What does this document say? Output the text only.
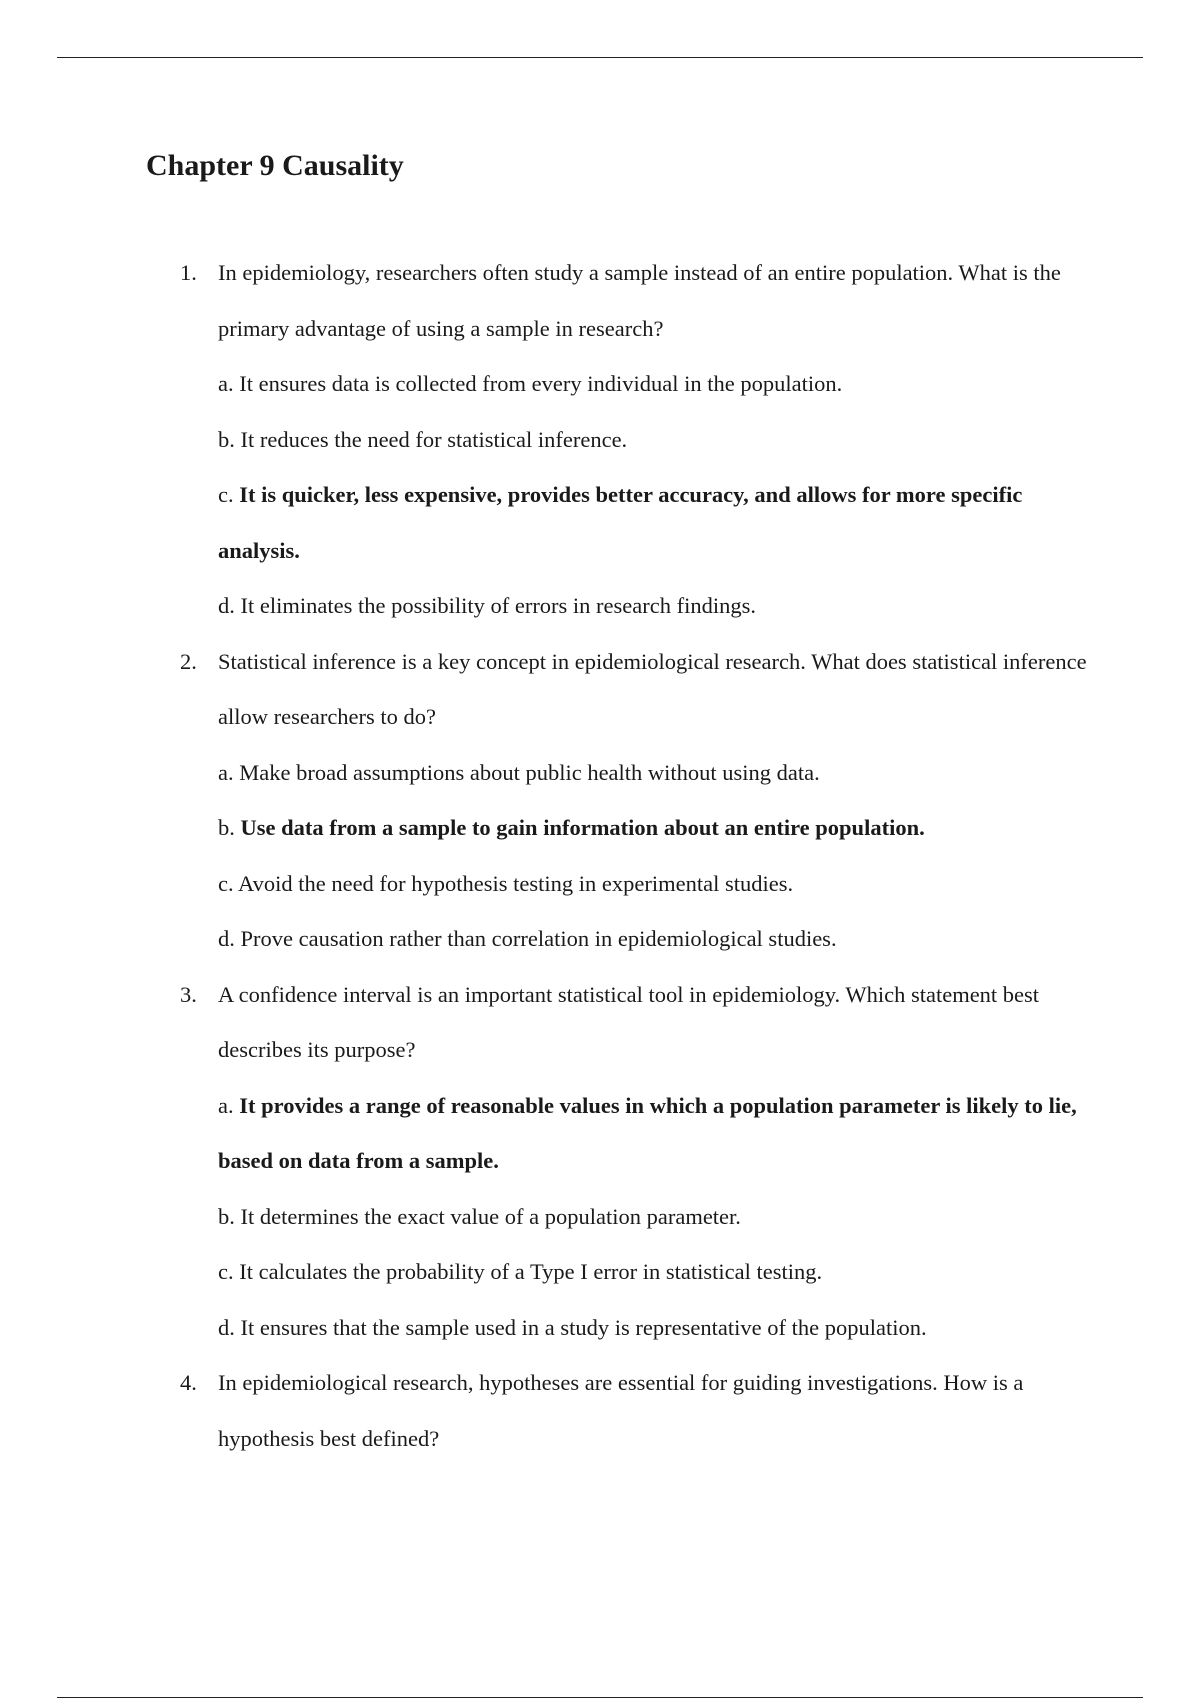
Chapter 9 Causality
1. In epidemiology, researchers often study a sample instead of an entire population. What is the primary advantage of using a sample in research?
a. It ensures data is collected from every individual in the population.
b. It reduces the need for statistical inference.
c. It is quicker, less expensive, provides better accuracy, and allows for more specific analysis.
d. It eliminates the possibility of errors in research findings.
2. Statistical inference is a key concept in epidemiological research. What does statistical inference allow researchers to do?
a. Make broad assumptions about public health without using data.
b. Use data from a sample to gain information about an entire population.
c. Avoid the need for hypothesis testing in experimental studies.
d. Prove causation rather than correlation in epidemiological studies.
3. A confidence interval is an important statistical tool in epidemiology. Which statement best describes its purpose?
a. It provides a range of reasonable values in which a population parameter is likely to lie, based on data from a sample.
b. It determines the exact value of a population parameter.
c. It calculates the probability of a Type I error in statistical testing.
d. It ensures that the sample used in a study is representative of the population.
4. In epidemiological research, hypotheses are essential for guiding investigations. How is a hypothesis best defined?
